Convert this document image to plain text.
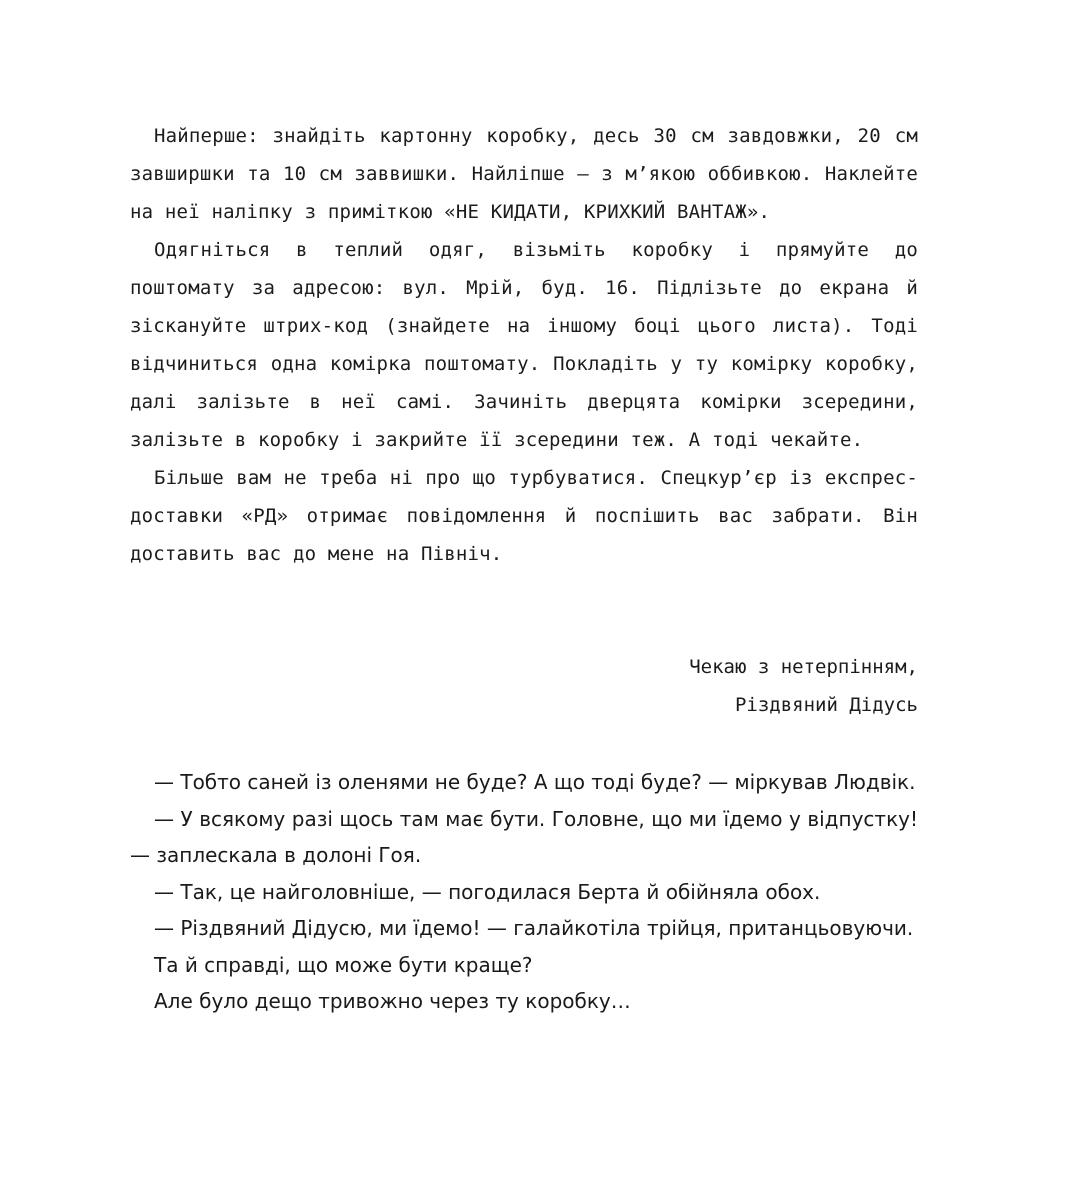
Найперше: знайдіть картонну коробку, десь 30 см завдовжки, 20 см завширшки та 10 см заввишки. Найліпше — з м’якою оббивкою. Наклейте на неї наліпку з приміткою «НЕ КИДАТИ, КРИХКИЙ ВАНТАЖ».

Одягніться в теплий одяг, візьміть коробку і прямуйте до поштомату за адресою: вул. Мрій, буд. 16. Підлізьте до екрана й зіскануйте штрих-код (знайдете на іншому боці цього листа). Тоді відчиниться одна комірка поштомату. Покладіть у ту комірку коробку, далі залізьте в неї самі. Зачиніть дверцята комірки зсередини, залізьте в коробку і закрийте її зсередини теж. А тоді чекайте.

Більше вам не треба ні про що турбуватися. Спецкур’єр із експрес-доставки «РД» отримає повідомлення й поспішить вас забрати. Він доставить вас до мене на Північ.

Чекаю з нетерпінням,
Різдвяний Дідусь

— Тобто саней із оленями не буде? А що тоді буде? — міркував Людвік.

— У всякому разі щось там має бути. Головне, що ми їдемо у відпустку! — заплескала в долоні Гоя.

— Так, це найголовніше, — погодилася Берта й обійняла обох.

— Різдвяний Дідусю, ми їдемо! — галайкотіла трійця, пританцьовуючи.

Та й справді, що може бути краще?

Але було дещо тривожно через ту коробку…
